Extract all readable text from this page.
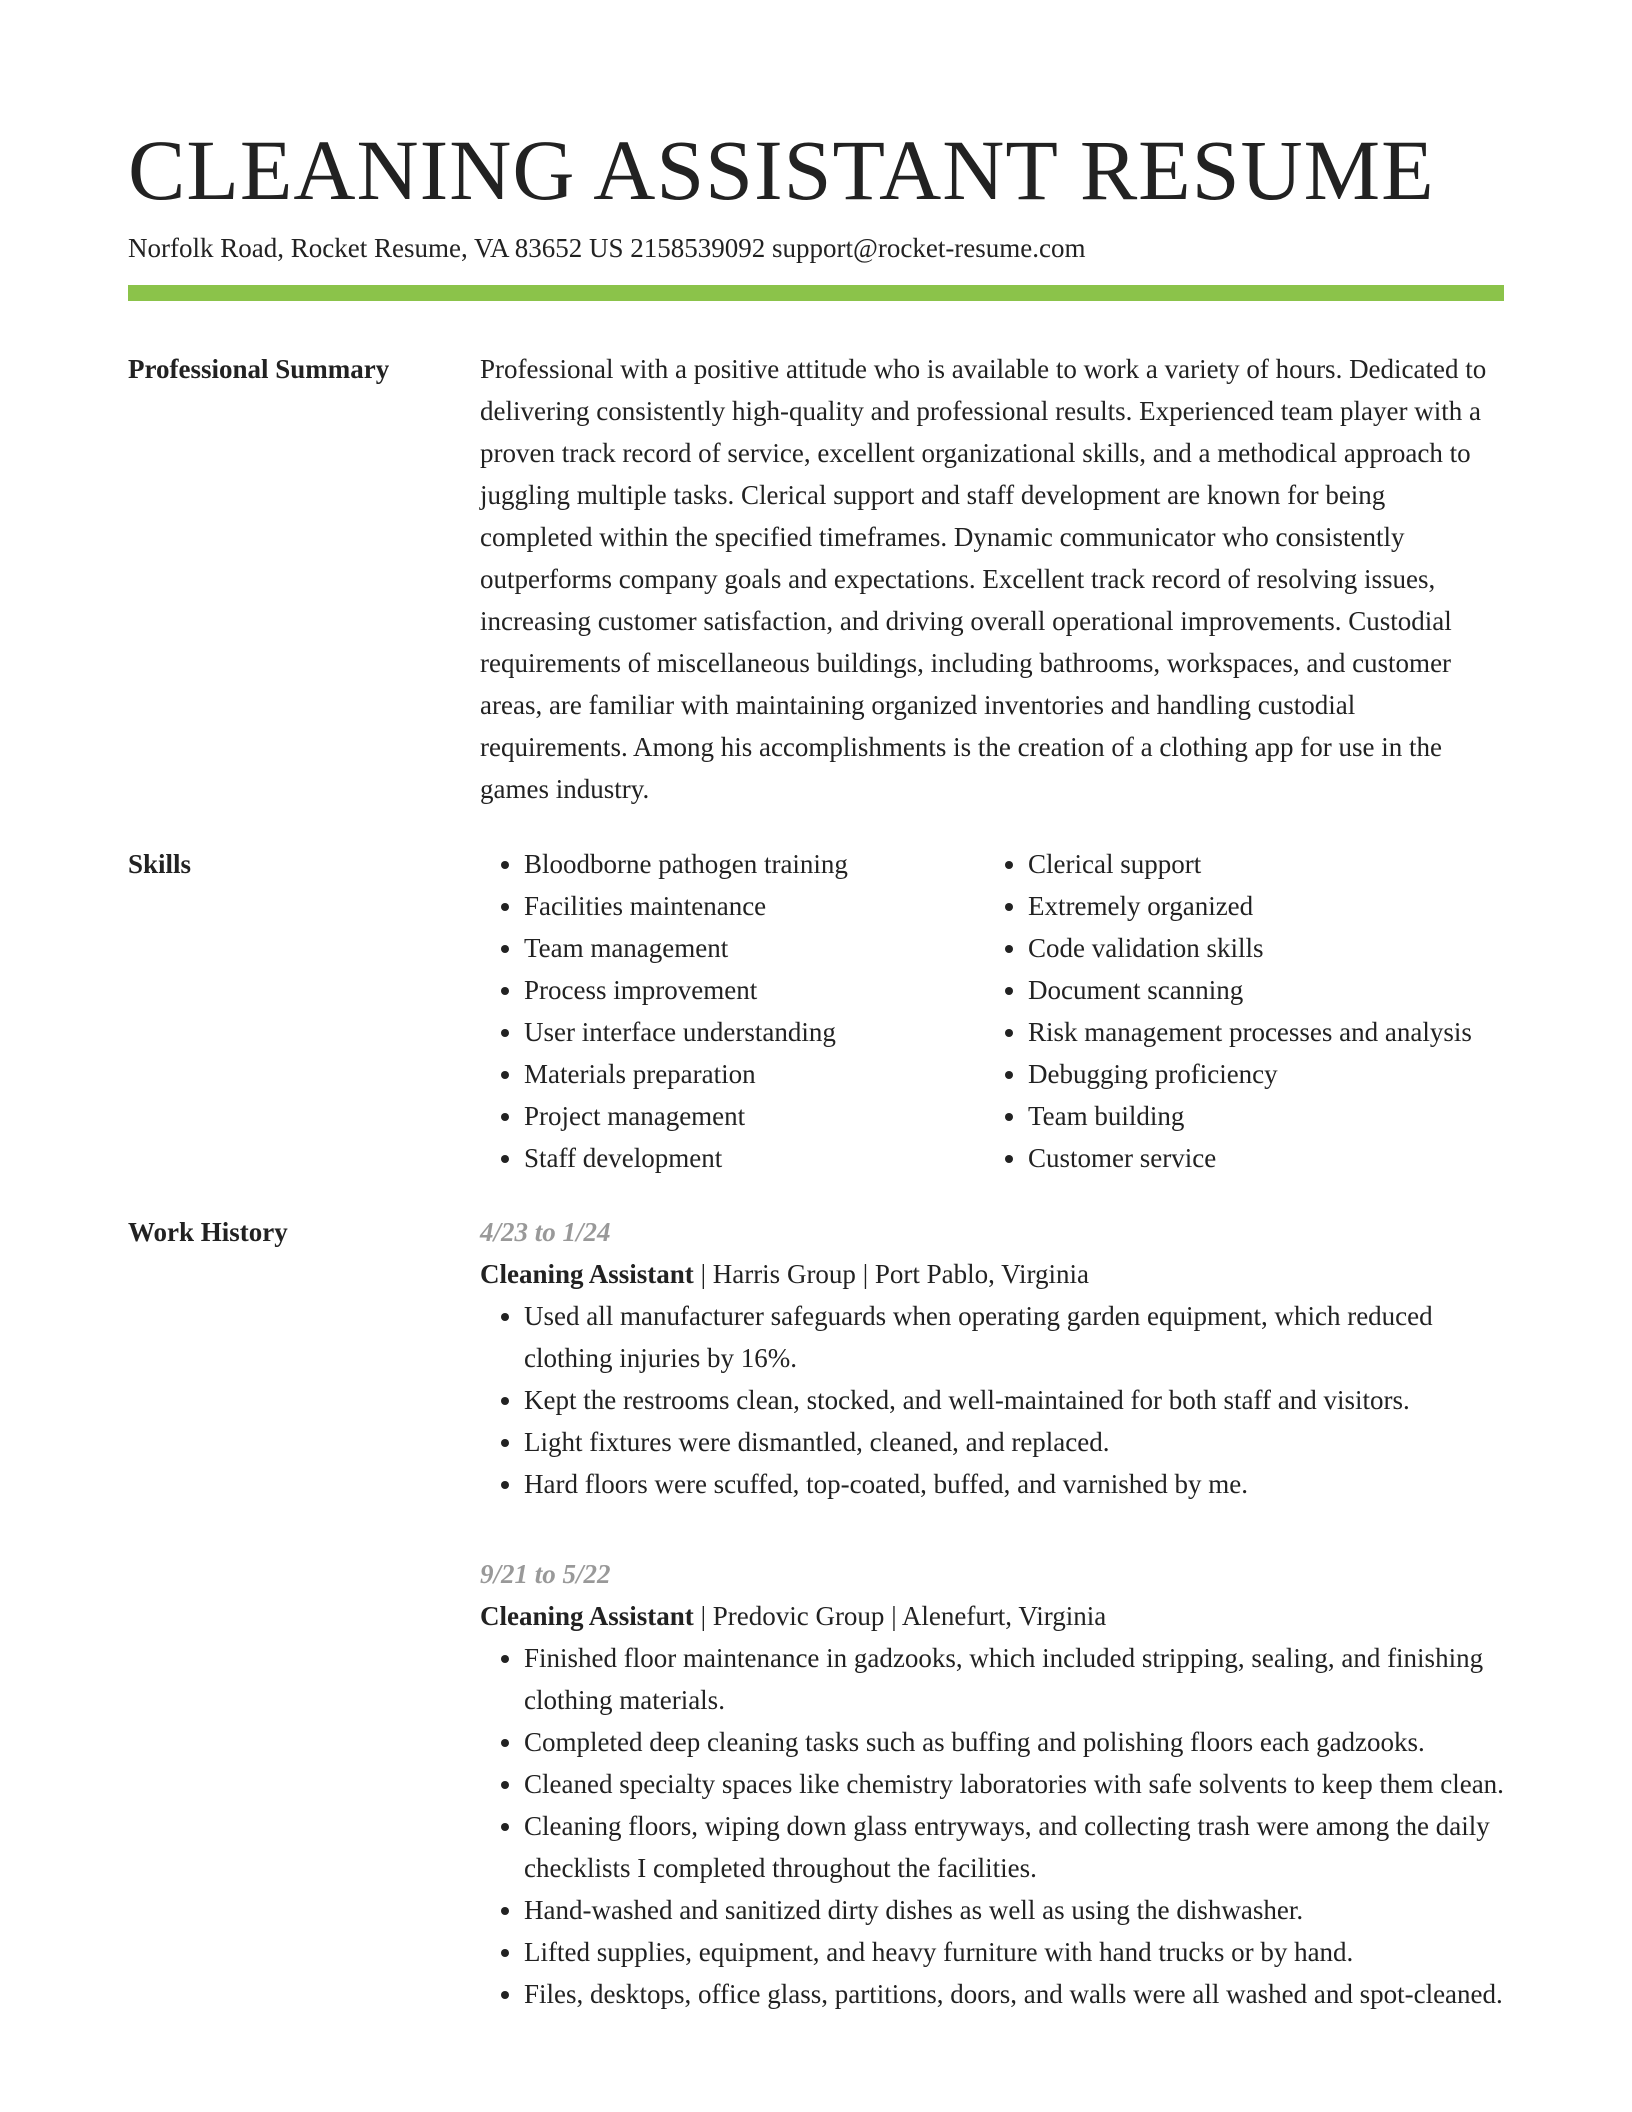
CLEANING ASSISTANT RESUME
Norfolk Road, Rocket Resume, VA 83652 US 2158539092 support@rocket-resume.com
Professional Summary	Professional with a positive attitude who is available to work a variety of hours. Dedicated to delivering consistently high-quality and professional results. Experienced team player with a proven track record of service, excellent organizational skills, and a methodical approach to juggling multiple tasks. Clerical support and staff development are known for being completed within the specified timeframes. Dynamic communicator who consistently outperforms company goals and expectations. Excellent track record of resolving issues, increasing customer satisfaction, and driving overall operational improvements. Custodial requirements of miscellaneous buildings, including bathrooms, workspaces, and customer areas, are familiar with maintaining organized inventories and handling custodial requirements. Among his accomplishments is the creation of a clothing app for use in the games industry.

Skills
•	Bloodborne pathogen training
• Facilities maintenance
• Team management
• Process improvement
• User interface understanding
• Materials preparation
• Project management
• Staff development
• Clerical support
• Extremely organized
• Code validation skills
• Document scanning
• Risk management processes and analysis
• Debugging proficiency
• Team building
• Customer service
Work History	4/23 to 1/24
Cleaning Assistant | Harris Group | Port Pablo, Virginia
• Used all manufacturer safeguards when operating garden equipment, which reduced clothing injuries by 16%.
• Kept the restrooms clean, stocked, and well-maintained for both staff and visitors.
• Light fixtures were dismantled, cleaned, and replaced.
• Hard floors were scuffed, top-coated, buffed, and varnished by me.
9/21 to 5/22
Cleaning Assistant | Predovic Group | Alenefurt, Virginia
• Finished floor maintenance in gadzooks, which included stripping, sealing, and finishing clothing materials.
• Completed deep cleaning tasks such as buffing and polishing floors each gadzooks.
• Cleaned specialty spaces like chemistry laboratories with safe solvents to keep them clean.
• Cleaning floors, wiping down glass entryways, and collecting trash were among the daily checklists I completed throughout the facilities.
• Hand-washed and sanitized dirty dishes as well as using the dishwasher.
• Lifted supplies, equipment, and heavy furniture with hand trucks or by hand.
• Files, desktops, office glass, partitions, doors, and walls were all washed and spot-cleaned.
